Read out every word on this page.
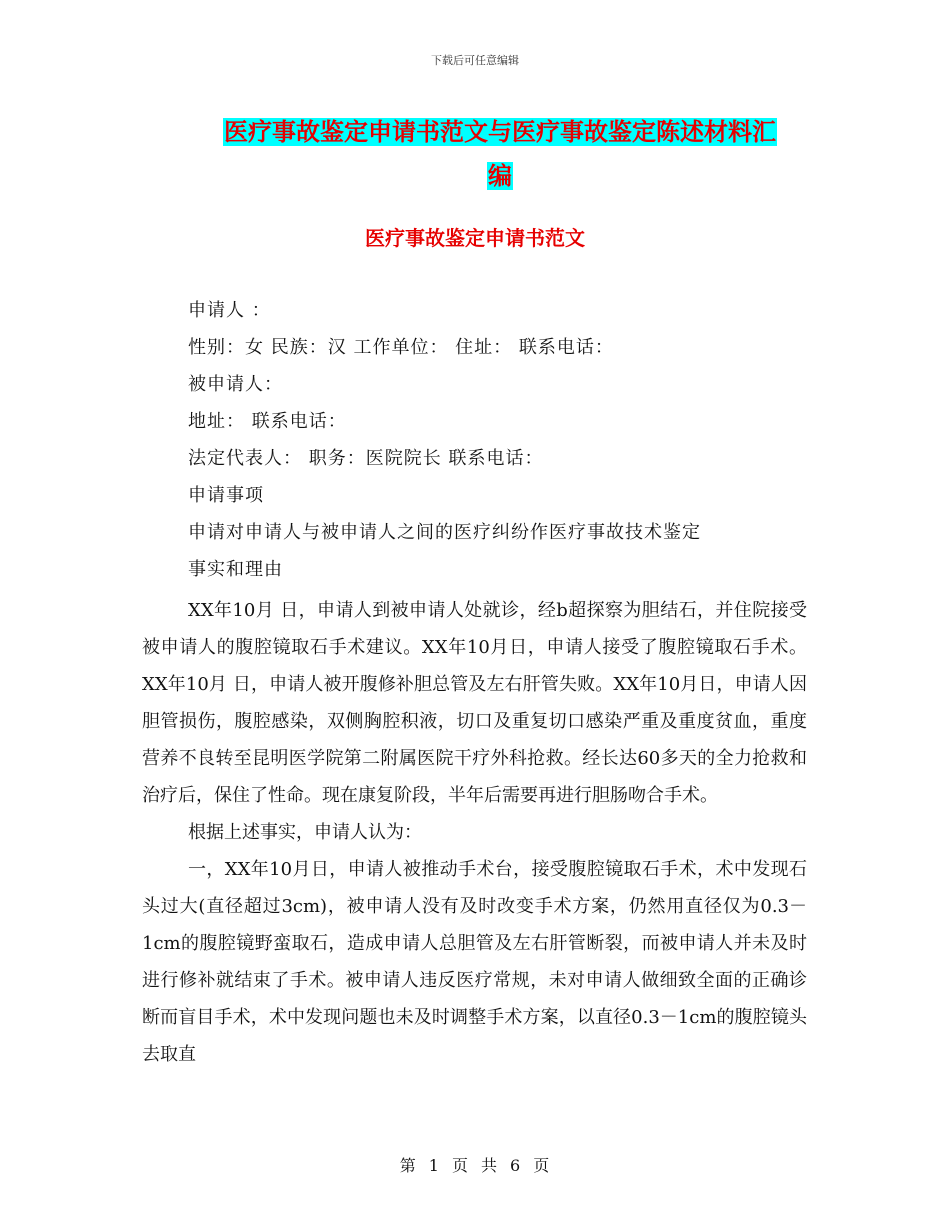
下载后可任意编辑
医疗事故鉴定申请书范文与医疗事故鉴定陈述材料汇
编
医疗事故鉴定申请书范文
申请人 ：
性别：女 民族：汉 工作单位： 住址： 联系电话：
被申请人：
地址： 联系电话：
法定代表人： 职务：医院院长 联系电话：
申请事项
申请对申请人与被申请人之间的医疗纠纷作医疗事故技术鉴定
事实和理由

XX年10月 日，申请人到被申请人处就诊，经b超探察为胆结石，并住院接受被申请人的腹腔镜取石手术建议。XX年10月日，申请人接受了腹腔镜取石手术。XX年10月 日，申请人被开腹修补胆总管及左右肝管失败。XX年10月日，申请人因胆管损伤，腹腔感染，双侧胸腔积液，切口及重复切口感染严重及重度贫血，重度营养不良转至昆明医学院第二附属医院干疗外科抢救。经长达60多天的全力抢救和治疗后，保住了性命。现在康复阶段，半年后需要再进行胆肠吻合手术。

根据上述事实，申请人认为：

一，XX年10月日，申请人被推动手术台，接受腹腔镜取石手术，术中发现石头过大(直径超过3cm)，被申请人没有及时改变手术方案，仍然用直径仅为0.3－1cm的腹腔镜野蛮取石，造成申请人总胆管及左右肝管断裂，而被申请人并未及时进行修补就结束了手术。被申请人违反医疗常规，未对申请人做细致全面的正确诊断而盲目手术，术中发现问题也未及时调整手术方案，以直径0.3－1cm的腹腔镜头去取直

第 1 页 共 6 页
